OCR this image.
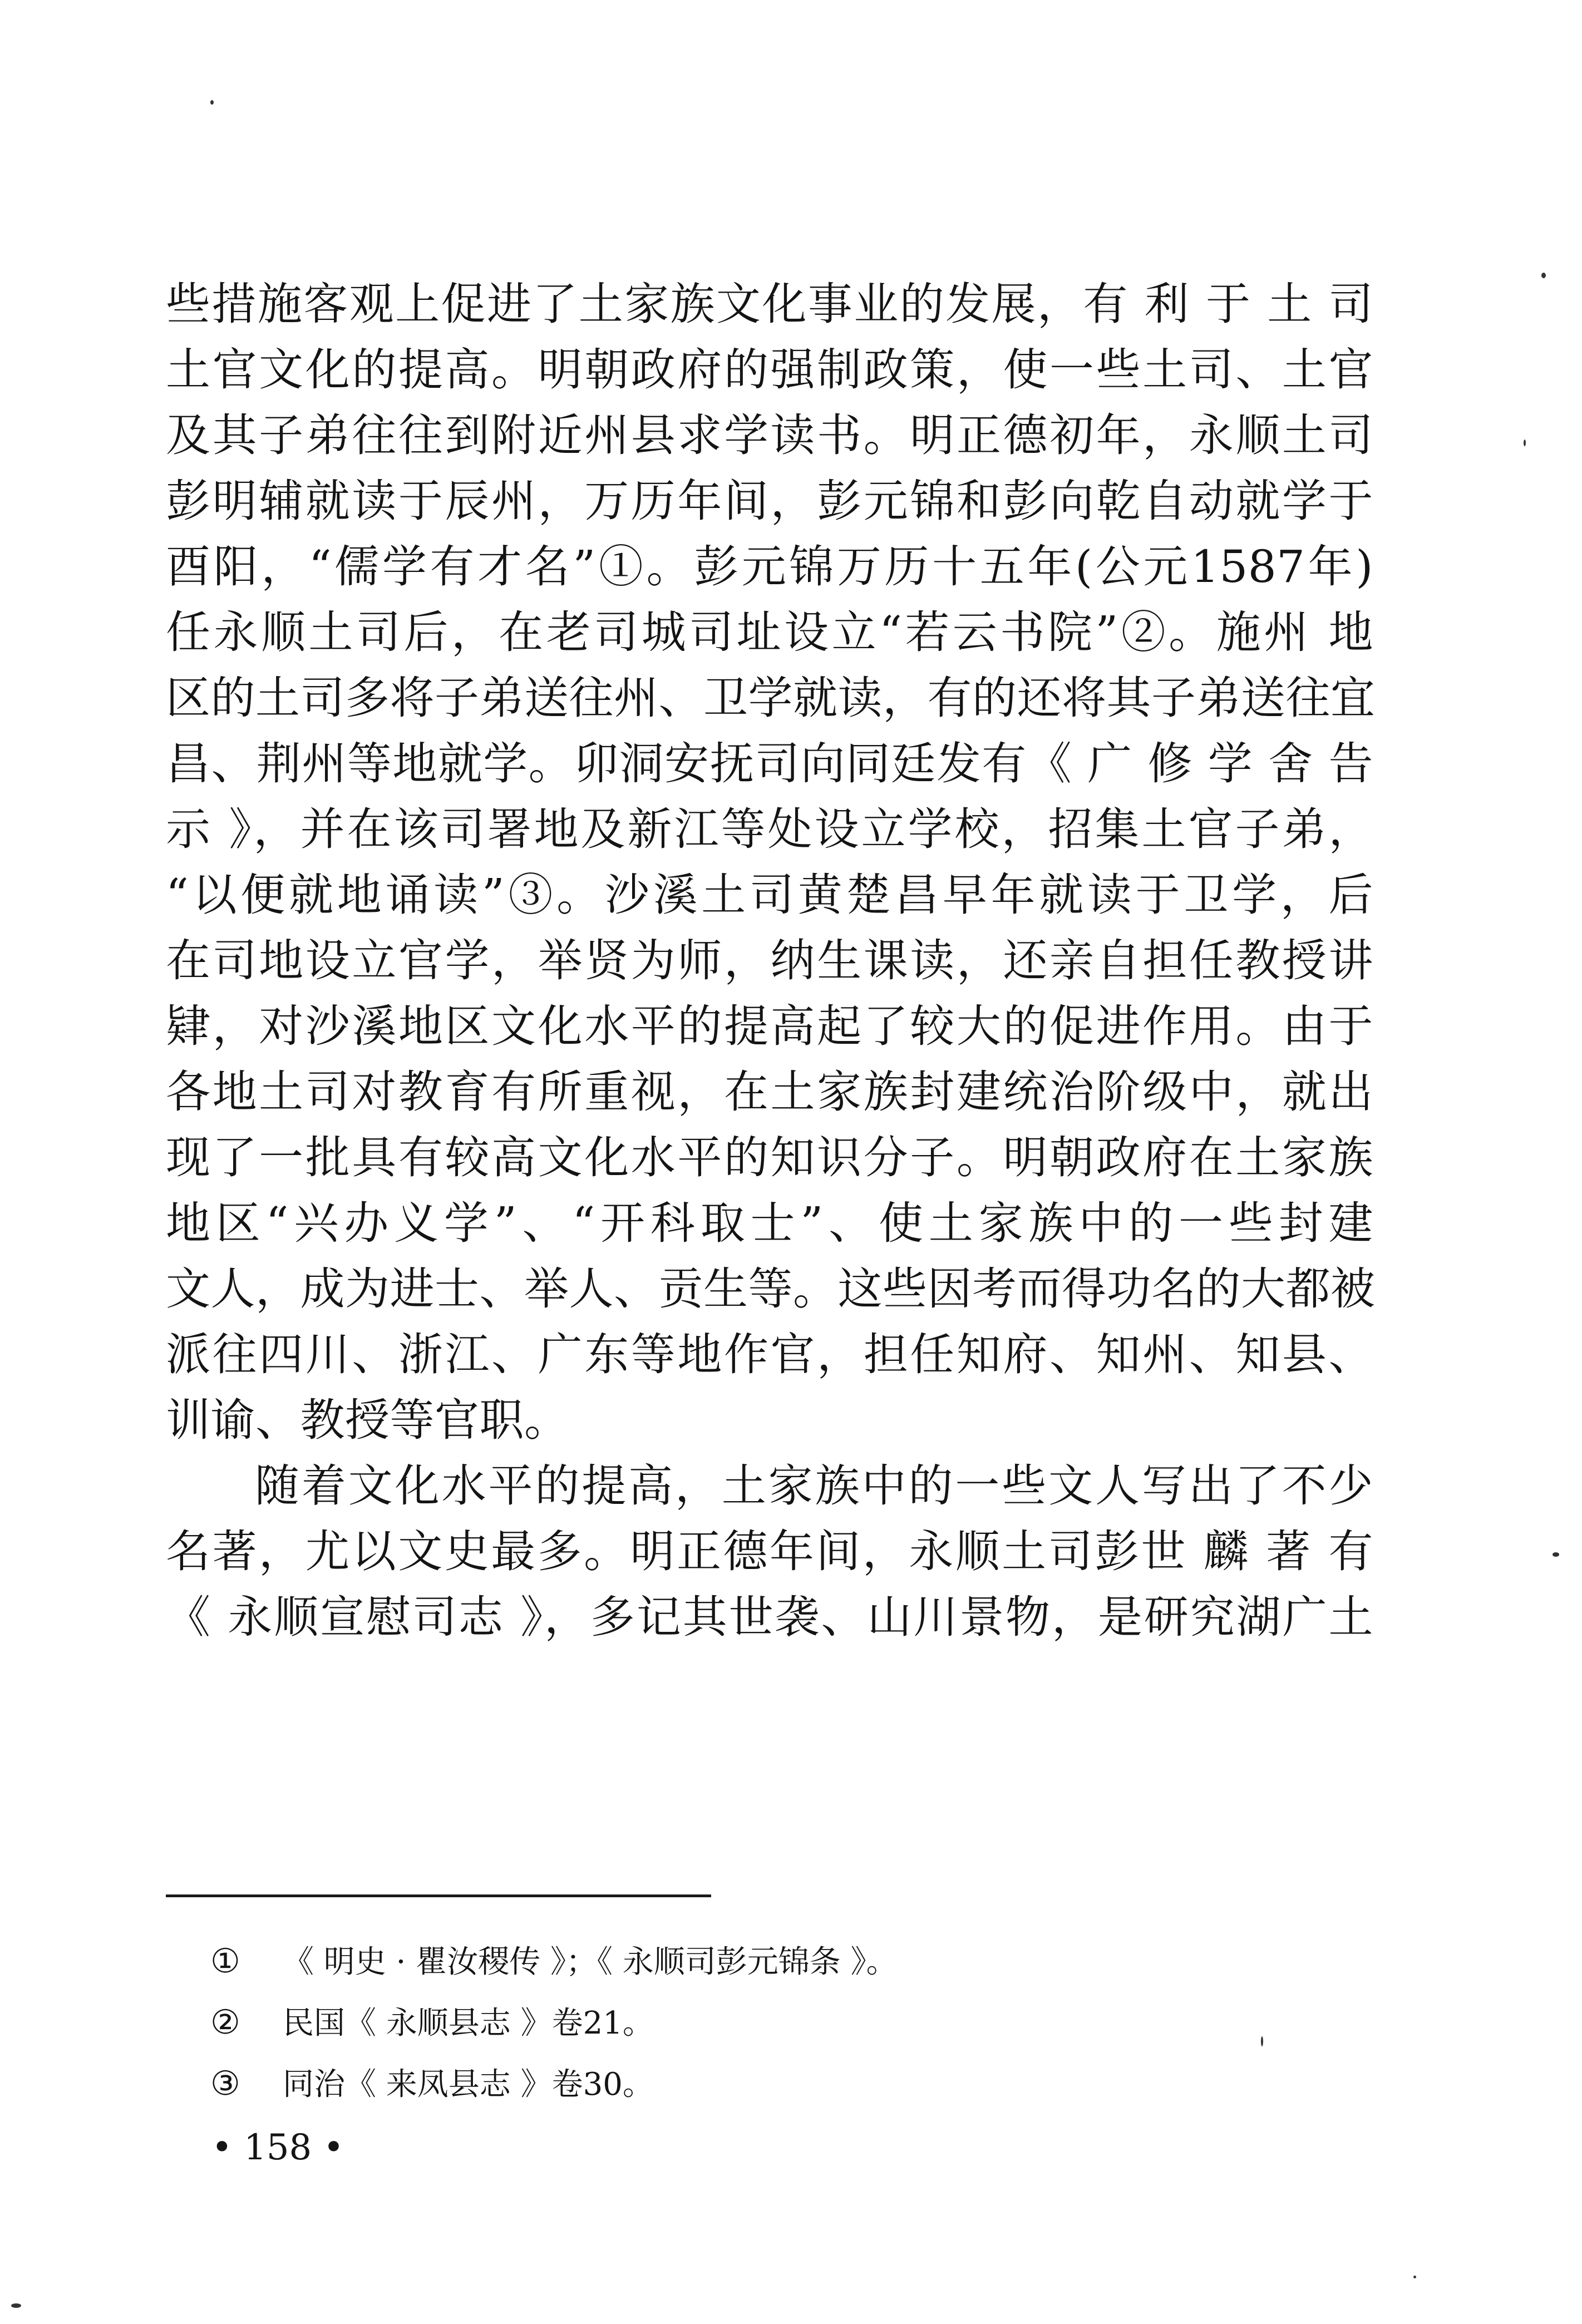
些措施客观上促进了土家族文化事业的发展，有 利 于 土 司
土官文化的提高。明朝政府的强制政策，使一些土司、土官
及其子弟往往到附近州县求学读书。明正德初年，永顺土司
彭明辅就读于辰州，万历年间，彭元锦和彭向乾自动就学于
酉阳，“儒学有才名”①。彭元锦万历十五年(公元1587年)
任永顺土司后，在老司城司址设立“若云书院”②。施州 地
区的土司多将子弟送往州、卫学就读，有的还将其子弟送往宜
昌、荆州等地就学。卯洞安抚司向同廷发有《 广 修 学 舍 告
示 》，并在该司署地及新江等处设立学校，招集土官子弟，
“以便就地诵读”③。沙溪土司黄楚昌早年就读于卫学，后
在司地设立官学，举贤为师，纳生课读，还亲自担任教授讲
肄，对沙溪地区文化水平的提高起了较大的促进作用。由于
各地土司对教育有所重视，在土家族封建统治阶级中，就出
现了一批具有较高文化水平的知识分子。明朝政府在土家族
地区“兴办义学”、“开科取士”、使土家族中的一些封建
文人，成为进士、举人、贡生等。这些因考而得功名的大都被
派往四川、浙江、广东等地作官，担任知府、知州、知县、
训谕、教授等官职。
随着文化水平的提高，土家族中的一些文人写出了不少
名著，尤以文史最多。明正德年间，永顺土司彭世 麟 著 有
《 永顺宣慰司志 》，多记其世袭、山川景物，是研究湖广土
① 《 明史 · 瞿汝稷传 》；《 永顺司彭元锦条 》。
② 民国《 永顺县志 》卷21。
③ 同治《 来凤县志 》卷30。
• 158 •
